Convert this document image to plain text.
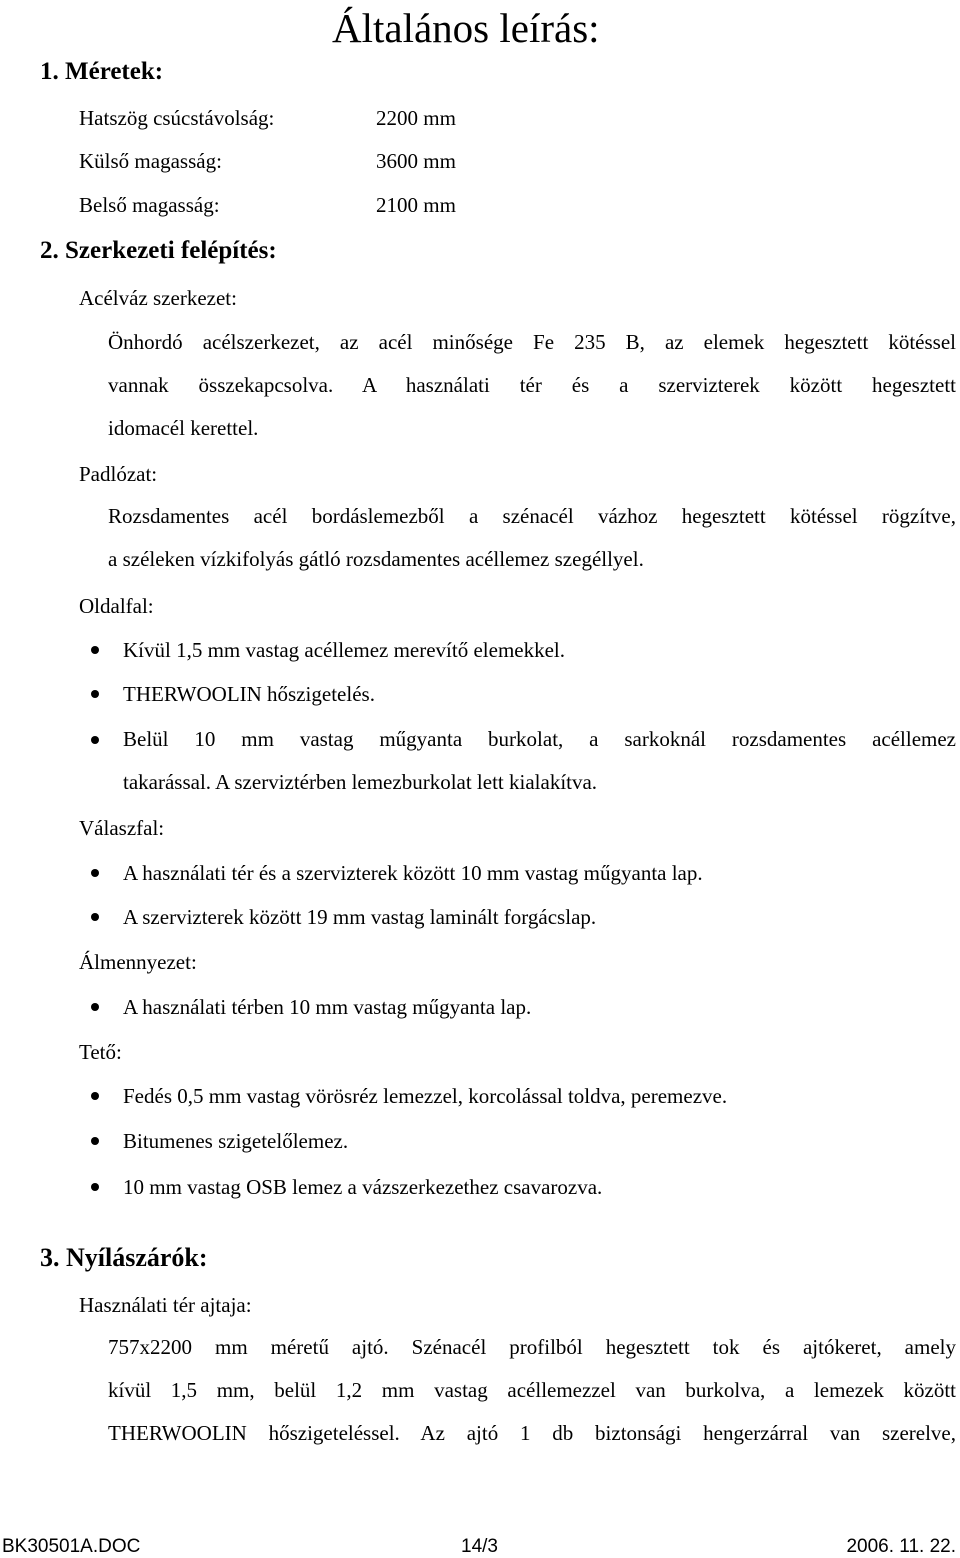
Általános leírás:
1. Méretek:
Hatszög csúcstávolság:	2200 mm
Külső magasság:	3600 mm
Belső magasság:	2100 mm
2. Szerkezeti felépítés:
Acélváz szerkezet:
Önhordó acélszerkezet, az acél minősége Fe 235 B, az elemek hegesztett kötéssel
vannak összekapcsolva. A használati tér és a szervizterek között hegesztett
idomacél kerettel.
Padlózat:
Rozsdamentes acél bordáslemezből a szénacél vázhoz hegesztett kötéssel rögzítve,
a széleken vízkifolyás gátló rozsdamentes acéllemez szegéllyel.
Oldalfal:
Kívül 1,5 mm vastag acéllemez merevítő elemekkel.
THERWOOLIN hőszigetelés.
Belül 10 mm vastag műgyanta burkolat, a sarkoknál rozsdamentes acéllemez
takarással. A szerviztérben lemezburkolat lett kialakítva.
Válaszfal:
A használati tér és a szervizterek között 10 mm vastag műgyanta lap.
A szervizterek között 19 mm vastag laminált forgácslap.
Álmennyezet:
A használati térben 10 mm vastag műgyanta lap.
Tető:
Fedés 0,5 mm vastag vörösréz lemezzel, korcolással toldva, peremezve.
Bitumenes szigetelőlemez.
10 mm vastag OSB lemez a vázszerkezethez csavarozva.
3. Nyílászárók:
Használati tér ajtaja:
757x2200 mm méretű ajtó. Szénacél profilból hegesztett tok és ajtókeret, amely
kívül 1,5 mm, belül 1,2 mm vastag acéllemezzel van burkolva, a lemezek között
THERWOOLIN hőszigeteléssel. Az ajtó 1 db biztonsági hengerzárral van szerelve,
BK30501A.DOC	14/3	2006. 11. 22.
